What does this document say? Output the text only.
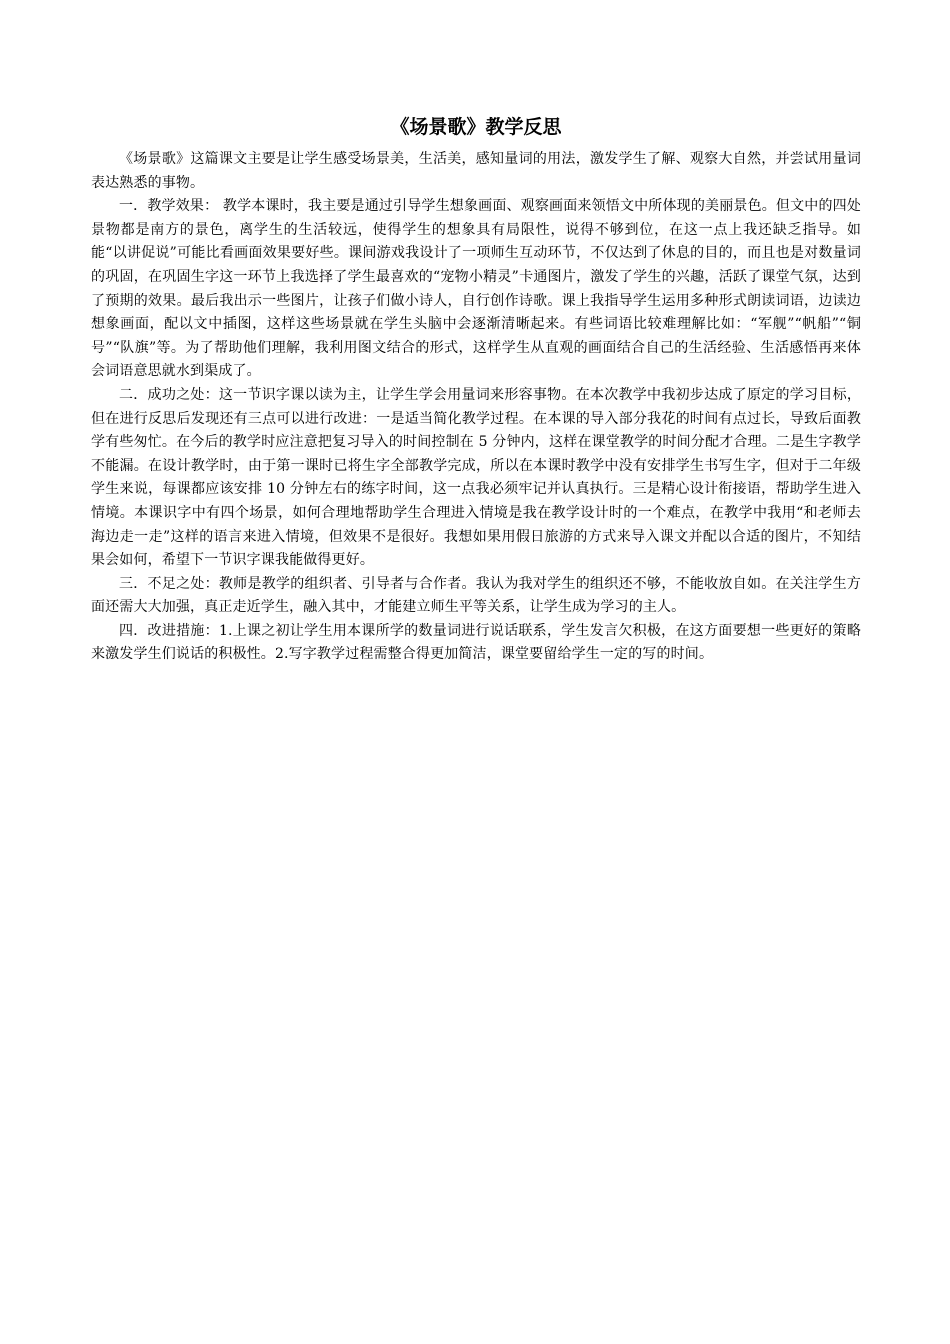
《场景歌》教学反思

《场景歌》这篇课文主要是让学生感受场景美，生活美，感知量词的用法，激发学生了解、观察大自然，并尝试用量词表达熟悉的事物。

一．教学效果： 教学本课时，我主要是通过引导学生想象画面、观察画面来领悟文中所体现的美丽景色。但文中的四处景物都是南方的景色，离学生的生活较远，使得学生的想象具有局限性，说得不够到位，在这一点上我还缺乏指导。如能“以讲促说”可能比看画面效果要好些。课间游戏我设计了一项师生互动环节，不仅达到了休息的目的，而且也是对数量词的巩固，在巩固生字这一环节上我选择了学生最喜欢的“宠物小精灵”卡通图片，激发了学生的兴趣，活跃了课堂气氛，达到了预期的效果。最后我出示一些图片，让孩子们做小诗人，自行创作诗歌。课上我指导学生运用多种形式朗读词语，边读边想象画面，配以文中插图，这样这些场景就在学生头脑中会逐渐清晰起来。有些词语比较难理解比如：“军舰”“帆船”“铜号”“队旗”等。为了帮助他们理解，我利用图文结合的形式，这样学生从直观的画面结合自己的生活经验、生活感悟再来体会词语意思就水到渠成了。

二．成功之处：这一节识字课以读为主，让学生学会用量词来形容事物。在本次教学中我初步达成了原定的学习目标，但在进行反思后发现还有三点可以进行改进：一是适当简化教学过程。在本课的导入部分我花的时间有点过长，导致后面教学有些匆忙。在今后的教学时应注意把复习导入的时间控制在 5 分钟内，这样在课堂教学的时间分配才合理。二是生字教学不能漏。在设计教学时，由于第一课时已将生字全部教学完成，所以在本课时教学中没有安排学生书写生字，但对于二年级学生来说，每课都应该安排 10 分钟左右的练字时间，这一点我必须牢记并认真执行。三是精心设计衔接语，帮助学生进入情境。本课识字中有四个场景，如何合理地帮助学生合理进入情境是我在教学设计时的一个难点，在教学中我用“和老师去海边走一走”这样的语言来进入情境，但效果不是很好。我想如果用假日旅游的方式来导入课文并配以合适的图片，不知结果会如何，希望下一节识字课我能做得更好。

三．不足之处：教师是教学的组织者、引导者与合作者。我认为我对学生的组织还不够，不能收放自如。在关注学生方面还需大大加强，真正走近学生，融入其中，才能建立师生平等关系，让学生成为学习的主人。

四．改进措施：1.上课之初让学生用本课所学的数量词进行说话联系，学生发言欠积极，在这方面要想一些更好的策略来激发学生们说话的积极性。2.写字教学过程需整合得更加简洁，课堂要留给学生一定的写的时间。
